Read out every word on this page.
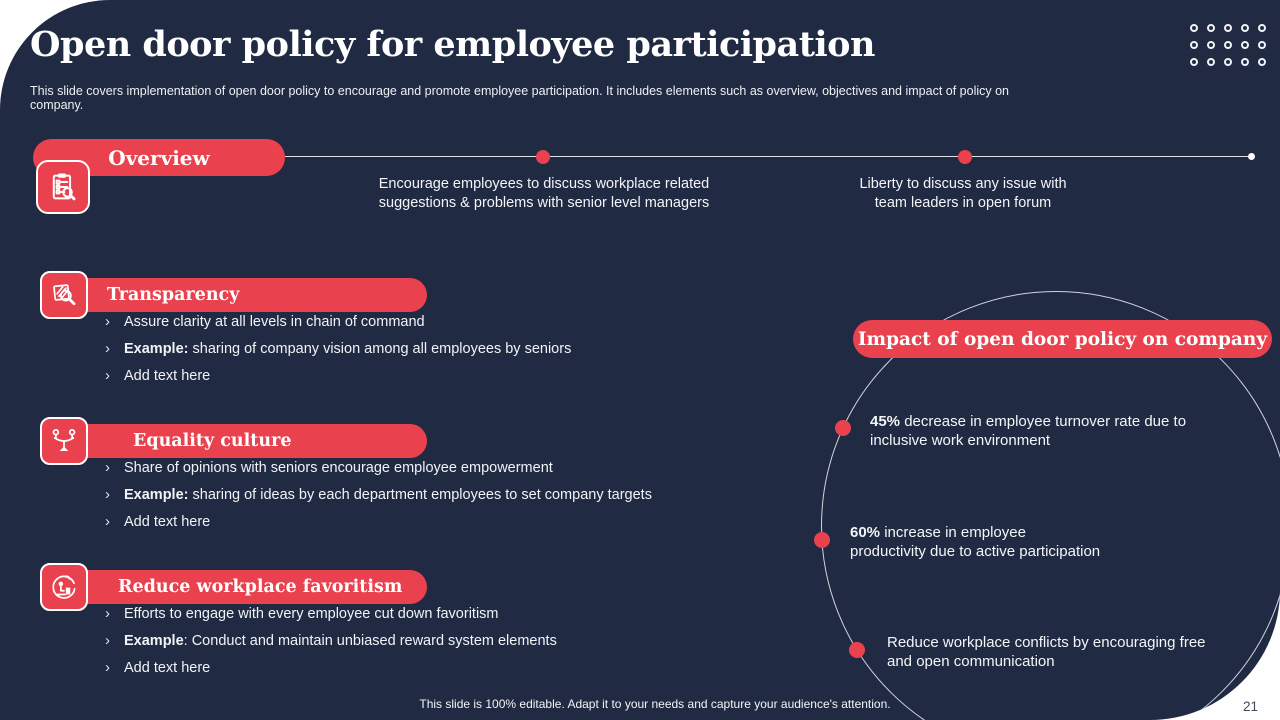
Open door policy for employee participation
This slide covers implementation of open door policy to encourage and promote employee participation. It includes elements such as overview, objectives and impact of policy on company.
Overview
Encourage employees to discuss workplace related
suggestions & problems with senior level managers
Liberty to discuss any issue with
team leaders in open forum
Transparency
› Assure clarity at all levels in chain of command
› Example: sharing of company vision among all employees by seniors
› Add text here
Equality culture
› Share of opinions with seniors encourage employee empowerment
› Example: sharing of ideas by each department employees to set company targets
› Add text here
Reduce workplace favoritism
› Efforts to engage with every employee cut down favoritism
› Example: Conduct and maintain unbiased reward system elements
› Add text here
Impact of open door policy on company
45% decrease in employee turnover rate due to
inclusive work environment
60% increase in employee
productivity due to active participation
Reduce workplace conflicts by encouraging free
and open communication
This slide is 100% editable. Adapt it to your needs and capture your audience's attention.	21
